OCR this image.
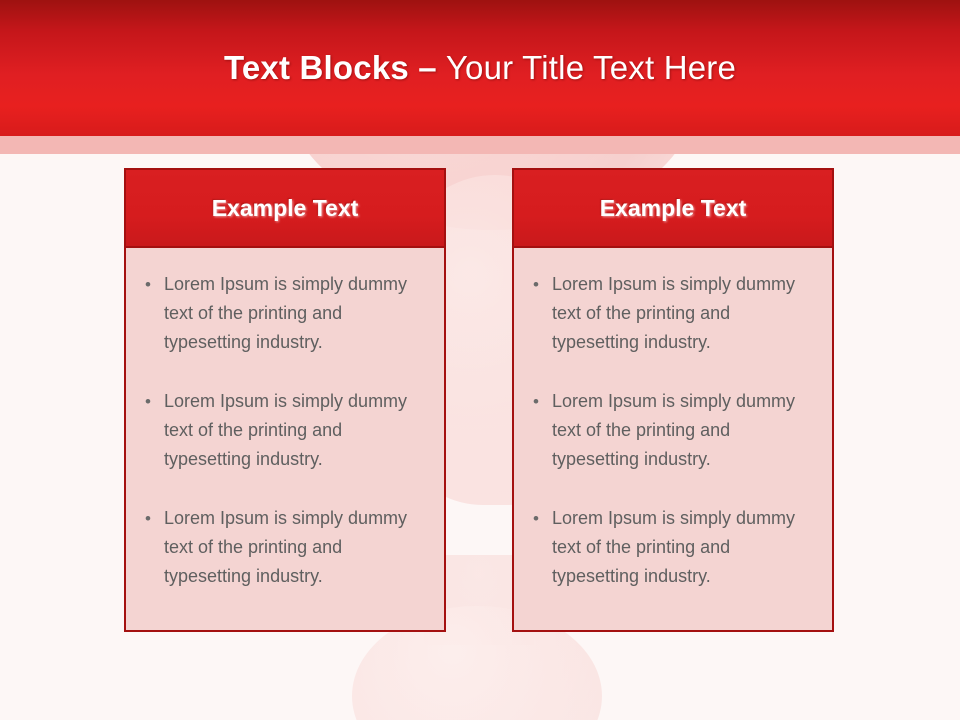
Text Blocks – Your Title Text Here
Example Text
• Lorem Ipsum is simply dummy text of the printing and typesetting industry.
• Lorem Ipsum is simply dummy text of the printing and typesetting industry.
• Lorem Ipsum is simply dummy text of the printing and typesetting industry.
Example Text
• Lorem Ipsum is simply dummy text of the printing and typesetting industry.
• Lorem Ipsum is simply dummy text of the printing and typesetting industry.
• Lorem Ipsum is simply dummy text of the printing and typesetting industry.
